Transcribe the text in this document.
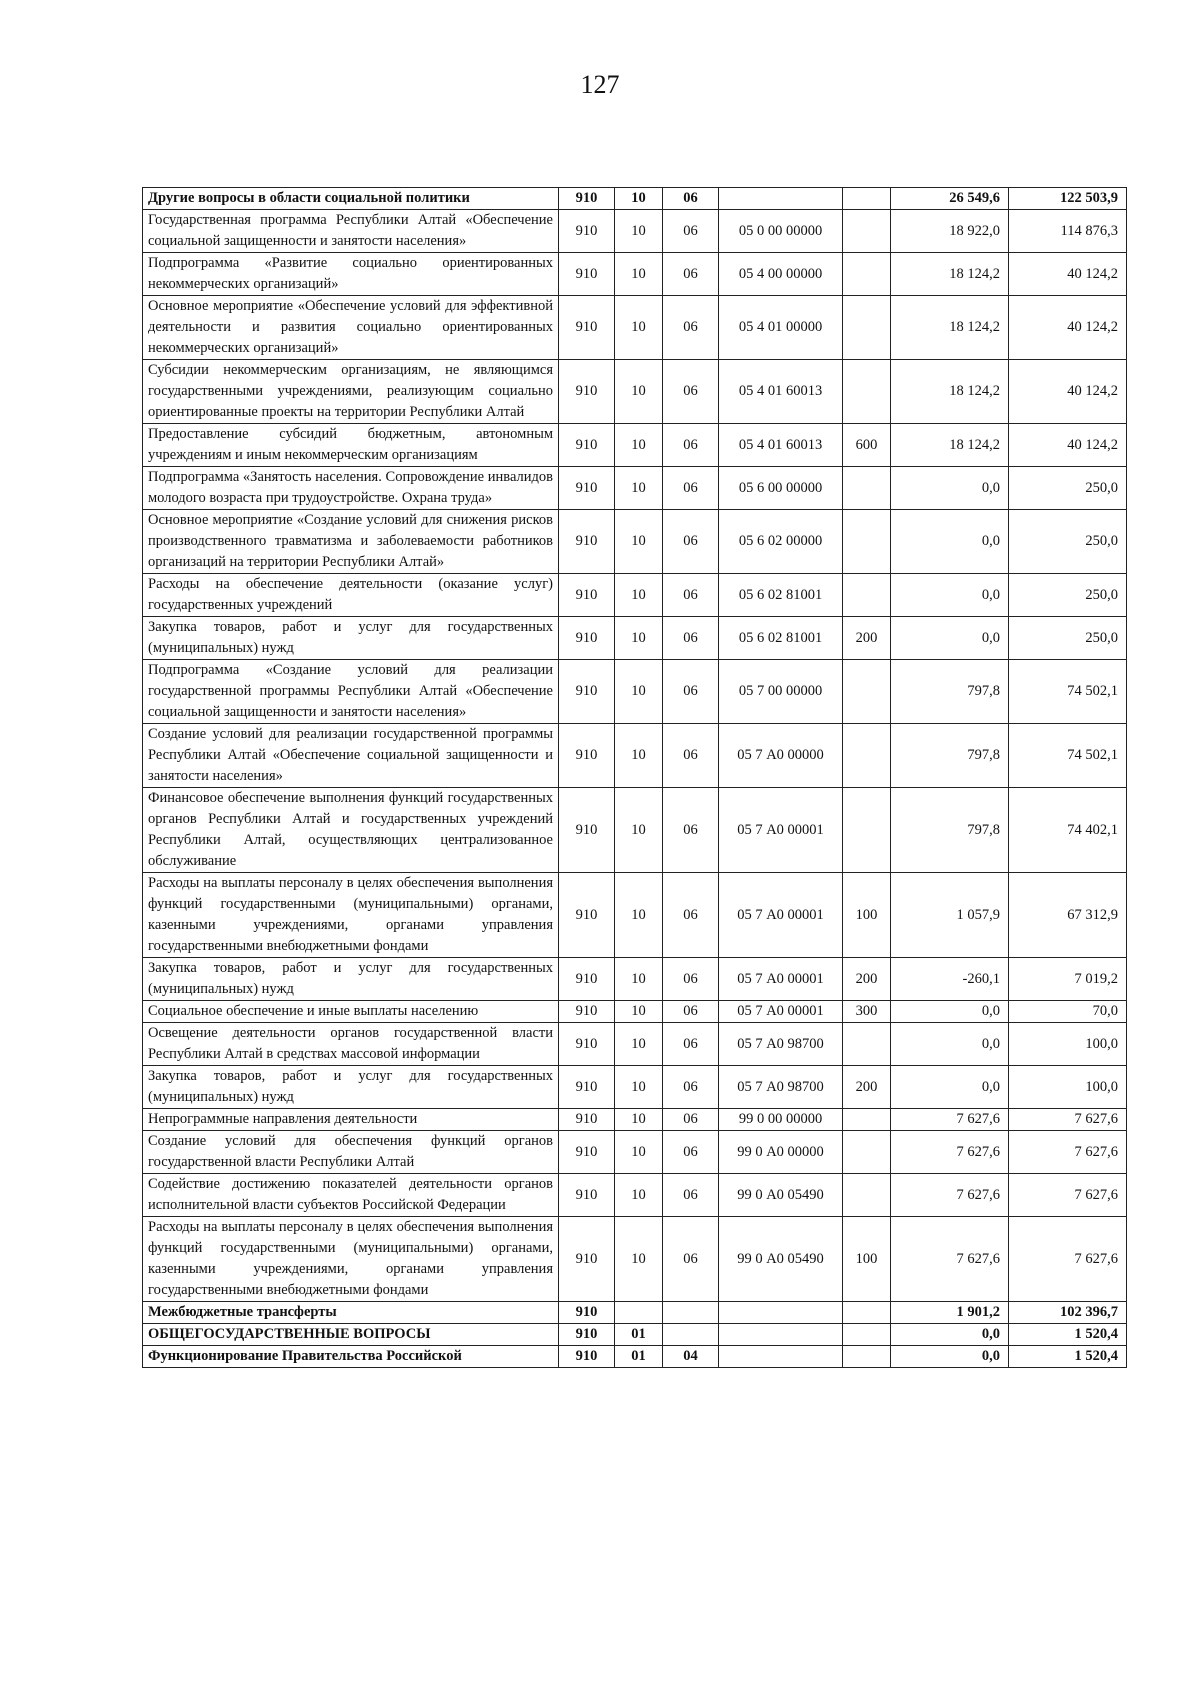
127
Другие вопросы в области социальной политики	910	10	06			26 549,6	122 503,9
Государственная программа Республики Алтай «Обеспечение социальной защищенности и занятости населения»	910	10	06	05 0 00 00000		18 922,0	114 876,3
Подпрограмма «Развитие социально ориентированных некоммерческих организаций»	910	10	06	05 4 00 00000		18 124,2	40 124,2
Основное мероприятие «Обеспечение условий для эффективной деятельности и развития социально ориентированных некоммерческих организаций»	910	10	06	05 4 01 00000		18 124,2	40 124,2
Субсидии некоммерческим организациям, не являющимся государственными учреждениями, реализующим социально ориентированные проекты на территории Республики Алтай	910	10	06	05 4 01 60013		18 124,2	40 124,2
Предоставление субсидий бюджетным, автономным учреждениям и иным некоммерческим организациям	910	10	06	05 4 01 60013	600	18 124,2	40 124,2
Подпрограмма «Занятость населения. Сопровождение инвалидов молодого возраста при трудоустройстве. Охрана труда»	910	10	06	05 6 00 00000		0,0	250,0
Основное мероприятие «Создание условий для снижения рисков производственного травматизма и заболеваемости работников организаций на территории Республики Алтай»	910	10	06	05 6 02 00000		0,0	250,0
Расходы на обеспечение деятельности (оказание услуг) государственных учреждений	910	10	06	05 6 02 81001		0,0	250,0
Закупка товаров, работ и услуг для государственных (муниципальных) нужд	910	10	06	05 6 02 81001	200	0,0	250,0
Подпрограмма «Создание условий для реализации государственной программы Республики Алтай «Обеспечение социальной защищенности и занятости населения»	910	10	06	05 7 00 00000		797,8	74 502,1
Создание условий для реализации государственной программы Республики Алтай «Обеспечение социальной защищенности и занятости населения»	910	10	06	05 7 А0 00000		797,8	74 502,1
Финансовое обеспечение выполнения функций государственных органов Республики Алтай и государственных учреждений Республики Алтай, осуществляющих централизованное обслуживание	910	10	06	05 7 А0 00001		797,8	74 402,1
Расходы на выплаты персоналу в целях обеспечения выполнения функций государственными (муниципальными) органами, казенными учреждениями, органами управления государственными внебюджетными фондами	910	10	06	05 7 А0 00001	100	1 057,9	67 312,9
Закупка товаров, работ и услуг для государственных (муниципальных) нужд	910	10	06	05 7 А0 00001	200	-260,1	7 019,2
Социальное обеспечение и иные выплаты населению	910	10	06	05 7 А0 00001	300	0,0	70,0
Освещение деятельности органов государственной власти Республики Алтай в средствах массовой информации	910	10	06	05 7 А0 98700		0,0	100,0
Закупка товаров, работ и услуг для государственных (муниципальных) нужд	910	10	06	05 7 А0 98700	200	0,0	100,0
Непрограммные направления деятельности	910	10	06	99 0 00 00000		7 627,6	7 627,6
Создание условий для обеспечения функций органов государственной власти Республики Алтай	910	10	06	99 0 А0 00000		7 627,6	7 627,6
Содействие достижению показателей деятельности органов исполнительной власти субъектов Российской Федерации	910	10	06	99 0 А0 05490		7 627,6	7 627,6
Расходы на выплаты персоналу в целях обеспечения выполнения функций государственными (муниципальными) органами, казенными учреждениями, органами управления государственными внебюджетными фондами	910	10	06	99 0 А0 05490	100	7 627,6	7 627,6
Межбюджетные трансферты	910					1 901,2	102 396,7
ОБЩЕГОСУДАРСТВЕННЫЕ ВОПРОСЫ	910	01				0,0	1 520,4
Функционирование Правительства Российской	910	01	04			0,0	1 520,4
